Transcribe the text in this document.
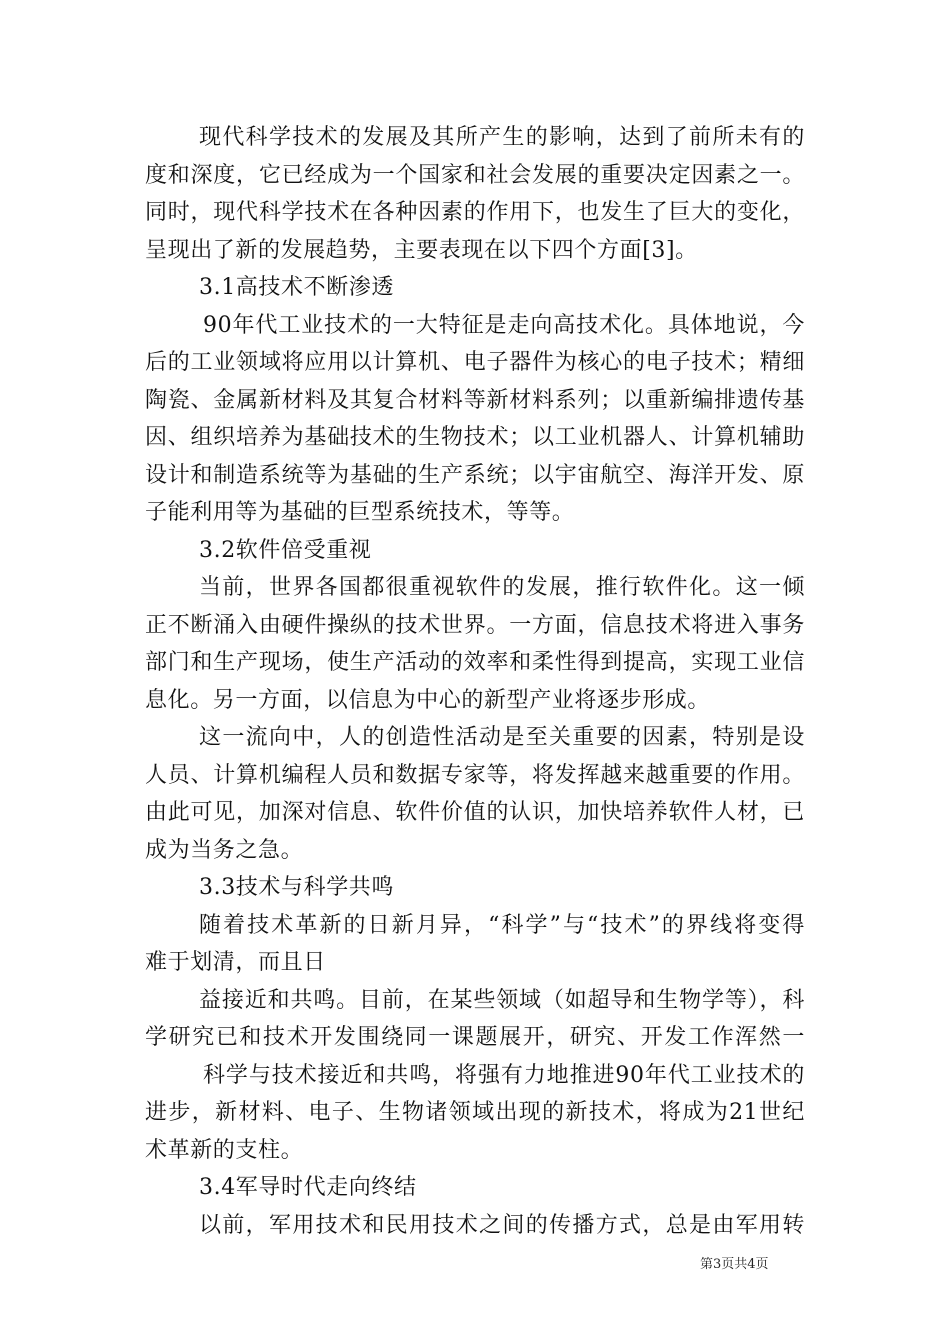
现代科学技术的发展及其所产生的影响，达到了前所未有的
度和深度，它已经成为一个国家和社会发展的重要决定因素之一。
同时，现代科学技术在各种因素的作用下，也发生了巨大的变化，
呈现出了新的发展趋势，主要表现在以下四个方面[3]。
3.1高技术不断渗透
90年代工业技术的一大特征是走向高技术化。具体地说，今
后的工业领域将应用以计算机、电子器件为核心的电子技术；精细
陶瓷、金属新材料及其复合材料等新材料系列；以重新编排遗传基
因、组织培养为基础技术的生物技术；以工业机器人、计算机辅助
设计和制造系统等为基础的生产系统；以宇宙航空、海洋开发、原
子能利用等为基础的巨型系统技术，等等。
3.2软件倍受重视
当前，世界各国都很重视软件的发展，推行软件化。这一倾
正不断涌入由硬件操纵的技术世界。一方面，信息技术将进入事务
部门和生产现场，使生产活动的效率和柔性得到提高，实现工业信
息化。另一方面，以信息为中心的新型产业将逐步形成。
这一流向中，人的创造性活动是至关重要的因素，特别是设
人员、计算机编程人员和数据专家等，将发挥越来越重要的作用。
由此可见，加深对信息、软件价值的认识，加快培养软件人材，已
成为当务之急。
3.3技术与科学共鸣
随着技术革新的日新月异，“科学”与“技术”的界线将变得
难于划清，而且日
益接近和共鸣。目前，在某些领域（如超导和生物学等），科
学研究已和技术开发围绕同一课题展开，研究、开发工作浑然一
科学与技术接近和共鸣，将强有力地推进90年代工业技术的
进步，新材料、电子、生物诸领域出现的新技术，将成为21世纪
术革新的支柱。
3.4军导时代走向终结
以前，军用技术和民用技术之间的传播方式，总是由军用转
第3页共4页
